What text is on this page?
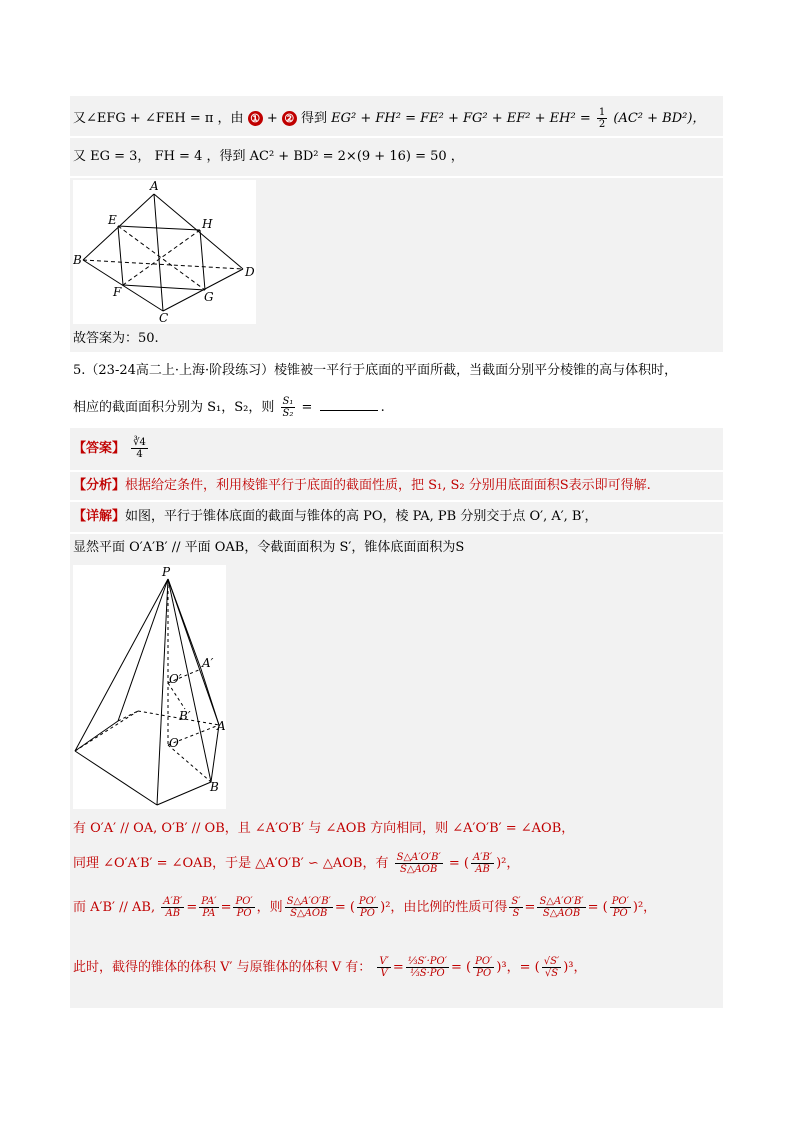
又∠EFG + ∠FEH = π ，由 ① + ② 得到 $EG^2 + FH^2 = FE^2 + FG^2 + EF^2 + EH^2 = \frac{1}{2} (AC^2 + BD^2)$，
又 EG = 3， FH = 4 ，得到 AC² + BD² = 2×(9 + 16) = 50 ，
A
E	H
B
D
F	G
C
故答案为：50.
5.（23-24高二上·上海·阶段练习）棱锥被一平行于底面的平面所截，当截面分别平分棱锥的高与体积时，
相应的截面面积分别为 S₁，S₂，则 $\frac{\text{S₁}}{\text{S₂}}$ =	.
【答案】 $\frac{∛4}{4}$
【分析】根据给定条件，利用棱锥平行于底面的截面性质，把 S₁, S₂ 分别用底面面积S表示即可得解.
【详解】如图，平行于锥体底面的截面与锥体的高 PO，棱 PA, PB 分别交于点 O′, A′, B′，
显然平面 O′A′B′ // 平面 OAB，令截面面积为 S′，锥体底面面积为S
P
A′
O′
B′
A
O
B
有 O′A′ // OA, O′B′ // OB，且 ∠A′O′B′ 与 ∠AOB 方向相同，则 ∠A′O′B′ = ∠AOB，
同理 ∠O′A′B′ = ∠OAB，于是 △A′O′B′ ∽ △AOB，有 $\frac{S\triangle A'O'B'}{\text{S△AOB}}$ = ( $\frac{A'B'}{AB} )^2$，
而 A′B′ // AB, $\frac{A'B'}{AB} = \frac{PA'}{PA} = \frac{PO'}{PO}$ ，则 $\frac{S\triangle A'O'B'}{\text{S△AOB}}$ = ( $\frac{PO'}{PO} )^2$，由比例的性质可得 $\frac{S'}{S} = \frac{S\triangle A'O'B'}{\text{S△AOB}}$ = ( $\frac{PO'}{PO} )^2$，
此时，截得的锥体的体积 V′ 与原锥体的体积 V 有： $\frac{V'}{V} = \frac{\text{⅓S′·PO′}}{\text{⅓S·PO}}$ = ( $\frac{PO'}{PO} )^3$，= ( $\frac{√S'}{√S} )^3$，
